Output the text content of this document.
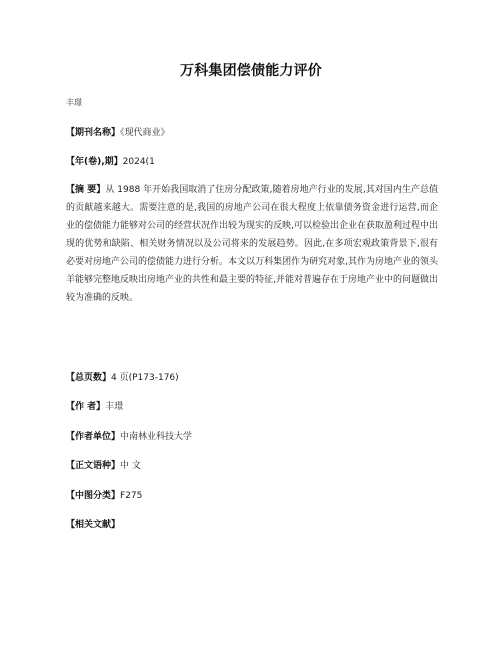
万科集团偿债能力评价
丰璟
【期刊名称】《现代商业》
【年(卷),期】2024(1
【摘 要】从 1988 年开始我国取消了住房分配政策,随着房地产行业的发展,其对国内生产总值的贡献越来越大。需要注意的是,我国的房地产公司在很大程度上依靠债务资金进行运营,而企业的偿债能力能够对公司的经营状况作出较为现实的反映,可以检验出企业在获取盈利过程中出现的优势和缺陷、相关财务情况以及公司将来的发展趋势。因此,在多项宏观政策背景下,很有必要对房地产公司的偿债能力进行分析。本文以万科集团作为研究对象,其作为房地产业的领头羊能够完整地反映出房地产业的共性和最主要的特征,并能对普遍存在于房地产业中的问题做出较为准确的反映。
【总页数】4 页(P173-176)
【作 者】丰璟
【作者单位】中南林业科技大学
【正文语种】中 文
【中图分类】F275
【相关文献】
